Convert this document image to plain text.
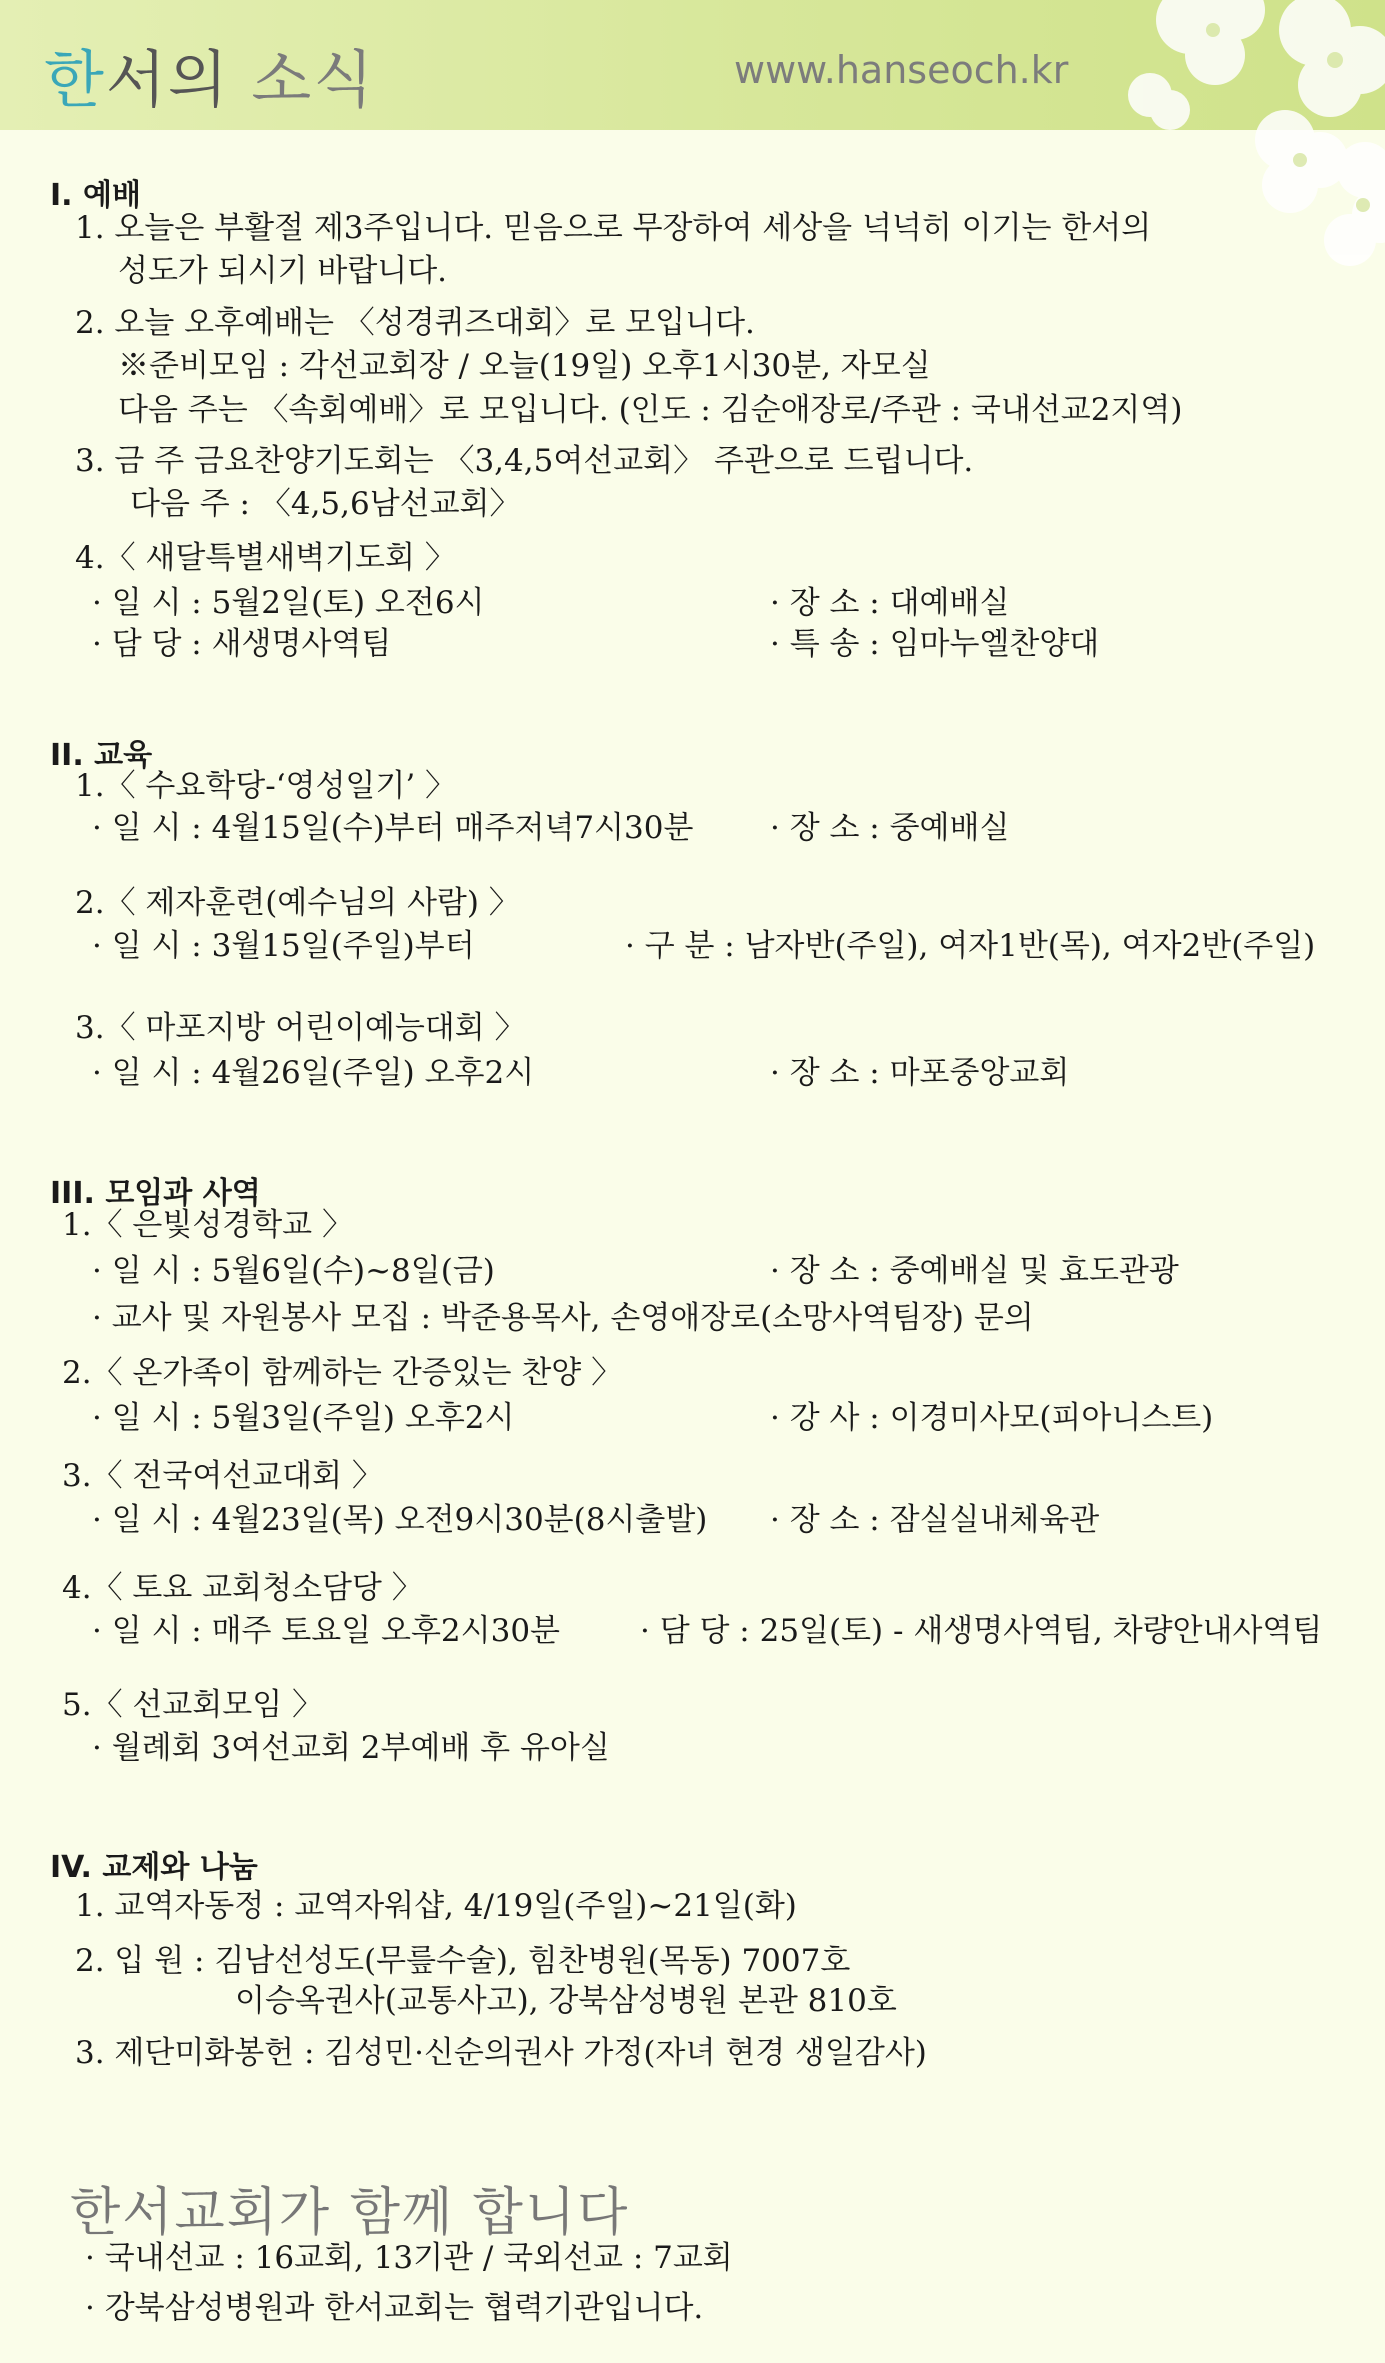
한서의 소식	www.hanseoch.kr
I. 예배
1. 오늘은 부활절 제3주입니다. 믿음으로 무장하여 세상을 넉넉히 이기는 한서의
성도가 되시기 바랍니다.
2. 오늘 오후예배는 〈성경퀴즈대회〉로 모입니다.
※준비모임 : 각선교회장 / 오늘(19일) 오후1시30분, 자모실
다음 주는 〈속회예배〉로 모입니다. (인도 : 김순애장로/주관 : 국내선교2지역)
3. 금 주 금요찬양기도회는 〈3,4,5여선교회〉 주관으로 드립니다.
다음 주 : 〈4,5,6남선교회〉
4.〈 새달특별새벽기도회 〉
· 일 시 : 5월2일(토) 오전6시	· 장 소 : 대예배실
· 담 당 : 새생명사역팀	· 특 송 : 임마누엘찬양대
II. 교육
1.〈 수요학당-‘영성일기’ 〉
· 일 시 : 4월15일(수)부터 매주저녁7시30분 · 장 소 : 중예배실
2.〈 제자훈련(예수님의 사람) 〉
· 일 시 : 3월15일(주일)부터	· 구 분 : 남자반(주일), 여자1반(목), 여자2반(주일)
3.〈 마포지방 어린이예능대회 〉
· 일 시 : 4월26일(주일) 오후2시	· 장 소 : 마포중앙교회
III. 모임과 사역
1.〈 은빛성경학교 〉
· 일 시 : 5월6일(수)~8일(금)	· 장 소 : 중예배실 및 효도관광
· 교사 및 자원봉사 모집 : 박준용목사, 손영애장로(소망사역팀장) 문의
2.〈 온가족이 함께하는 간증있는 찬양 〉
· 일 시 : 5월3일(주일) 오후2시	· 강 사 : 이경미사모(피아니스트)
3.〈 전국여선교대회 〉
· 일 시 : 4월23일(목) 오전9시30분(8시출발) · 장 소 : 잠실실내체육관
4.〈 토요 교회청소담당 〉
· 일 시 : 매주 토요일 오후2시30분	· 담 당 : 25일(토) - 새생명사역팀, 차량안내사역팀
5.〈 선교회모임 〉
· 월례회 3여선교회 2부예배 후 유아실
IV. 교제와 나눔
1. 교역자동정 : 교역자워샵, 4/19일(주일)~21일(화)
2. 입 원 : 김남선성도(무릎수술), 힘찬병원(목동) 7007호
이승옥권사(교통사고), 강북삼성병원 본관 810호
3. 제단미화봉헌 : 김성민·신순의권사 가정(자녀 현경 생일감사)
한서교회가 함께 합니다
· 국내선교 : 16교회, 13기관 / 국외선교 : 7교회
· 강북삼성병원과 한서교회는 협력기관입니다.
